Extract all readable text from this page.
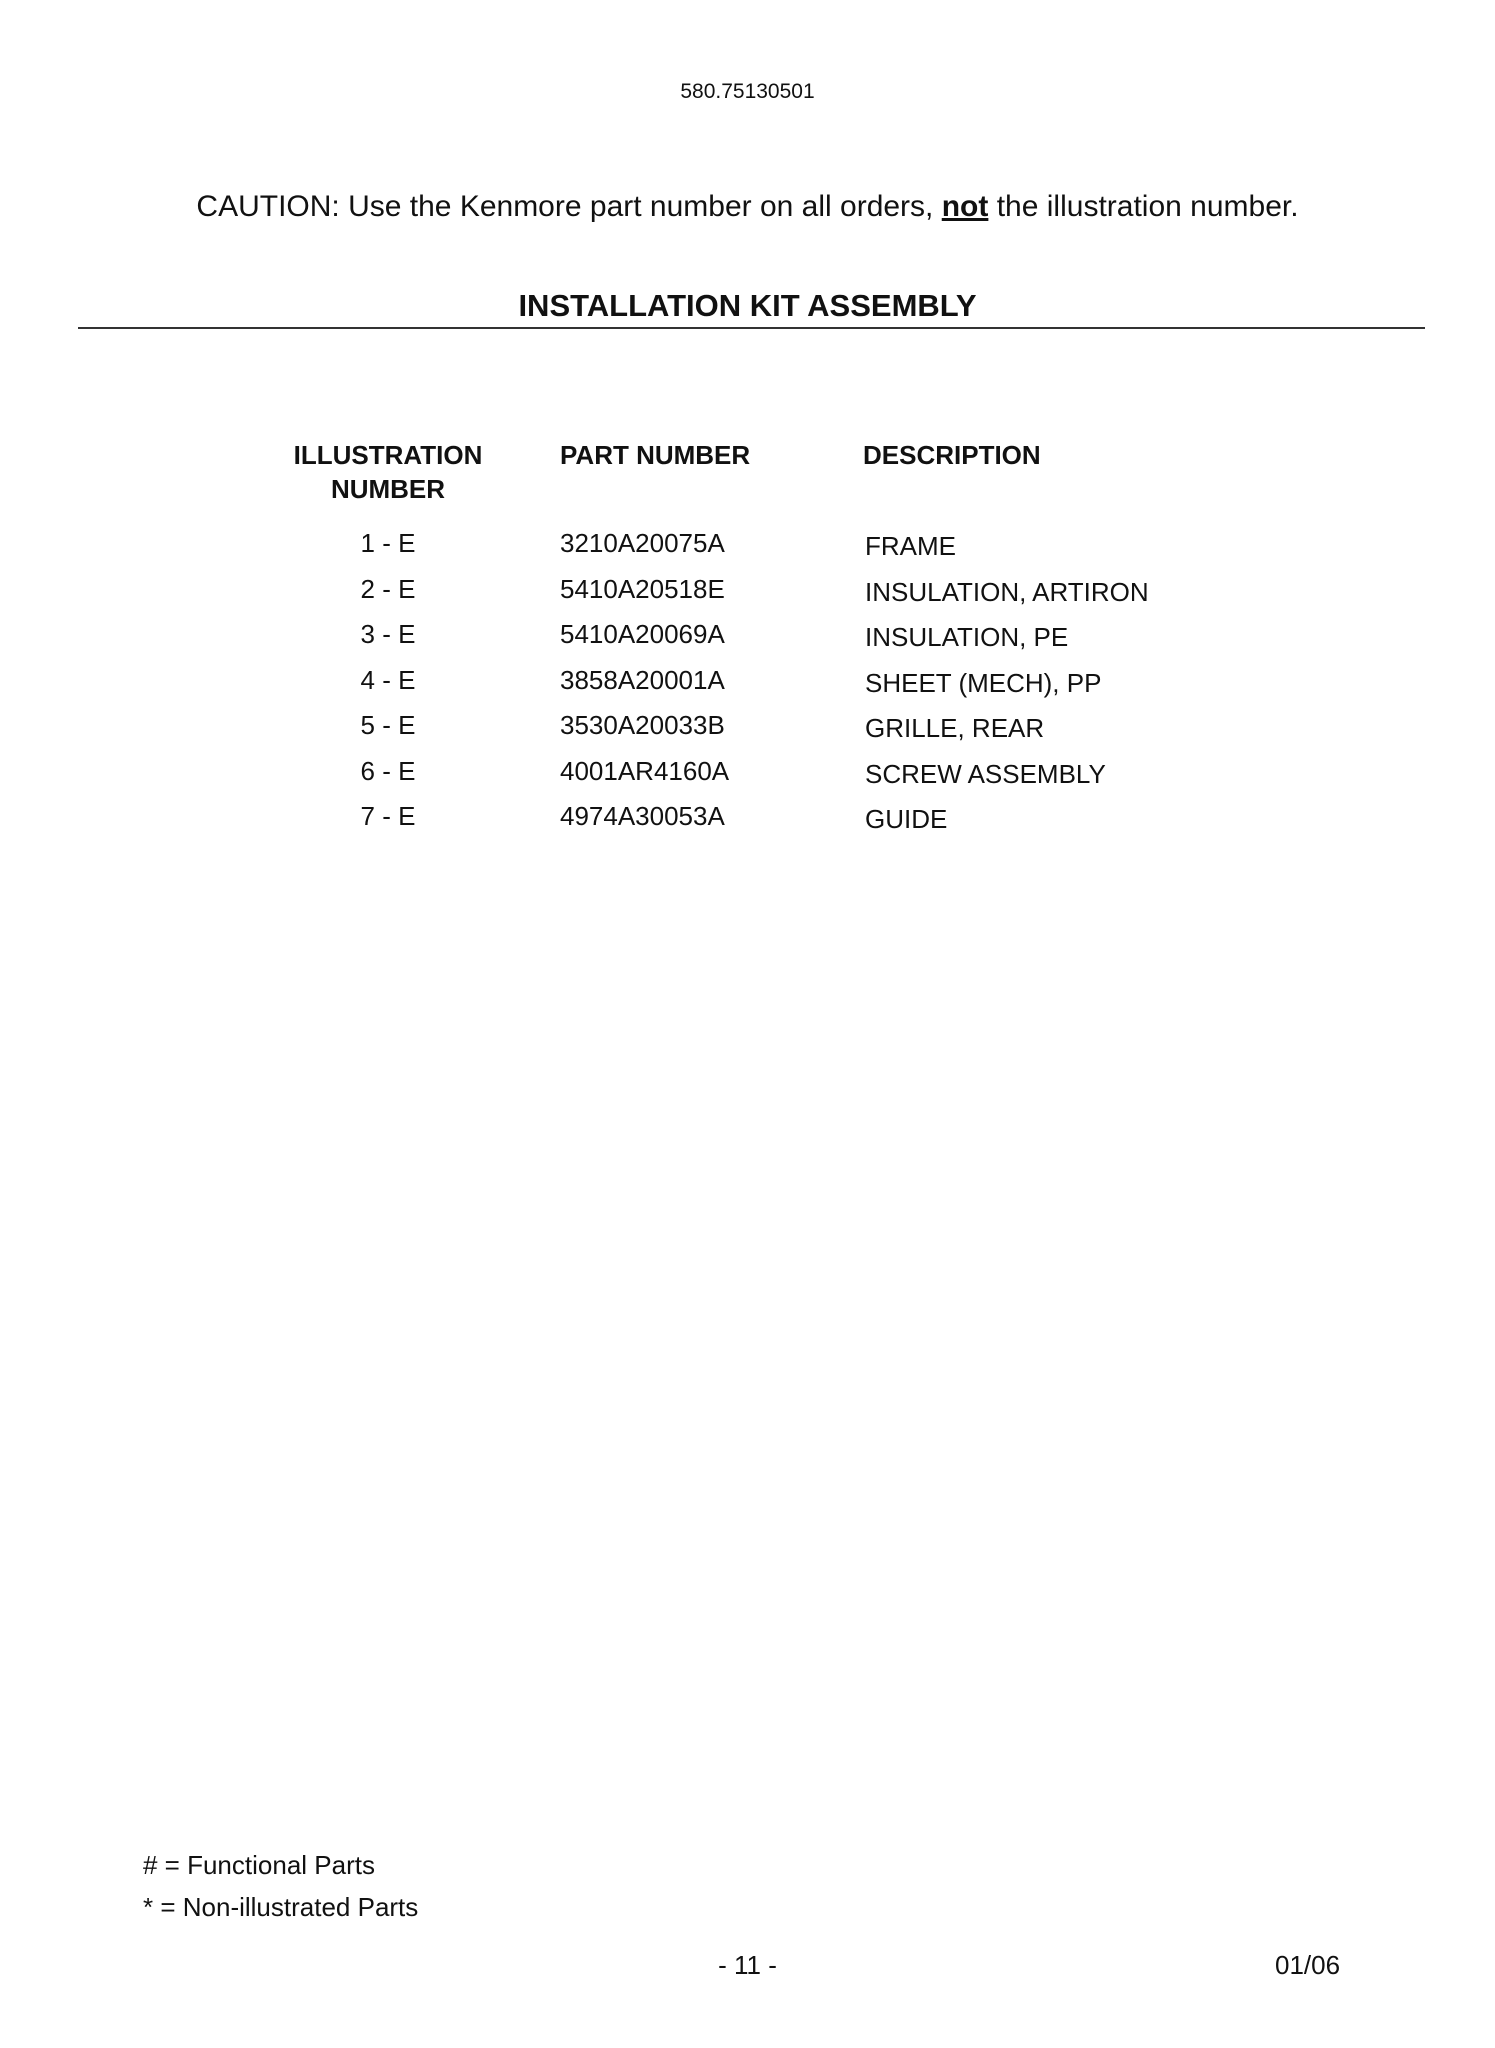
580.75130501
CAUTION: Use the Kenmore part number on all orders, not the illustration number.
INSTALLATION KIT ASSEMBLY
ILLUSTRATION
NUMBER
PART NUMBER	DESCRIPTION
1 - E	3210A20075A	FRAME
2 - E	5410A20518E	INSULATION, ARTIRON
3 - E	5410A20069A	INSULATION, PE
4 - E	3858A20001A	SHEET (MECH), PP
5 - E	3530A20033B	GRILLE, REAR
6 - E	4001AR4160A	SCREW ASSEMBLY
7 - E	4974A30053A	GUIDE
# = Functional Parts
* = Non-illustrated Parts
- 11 -	01/06
